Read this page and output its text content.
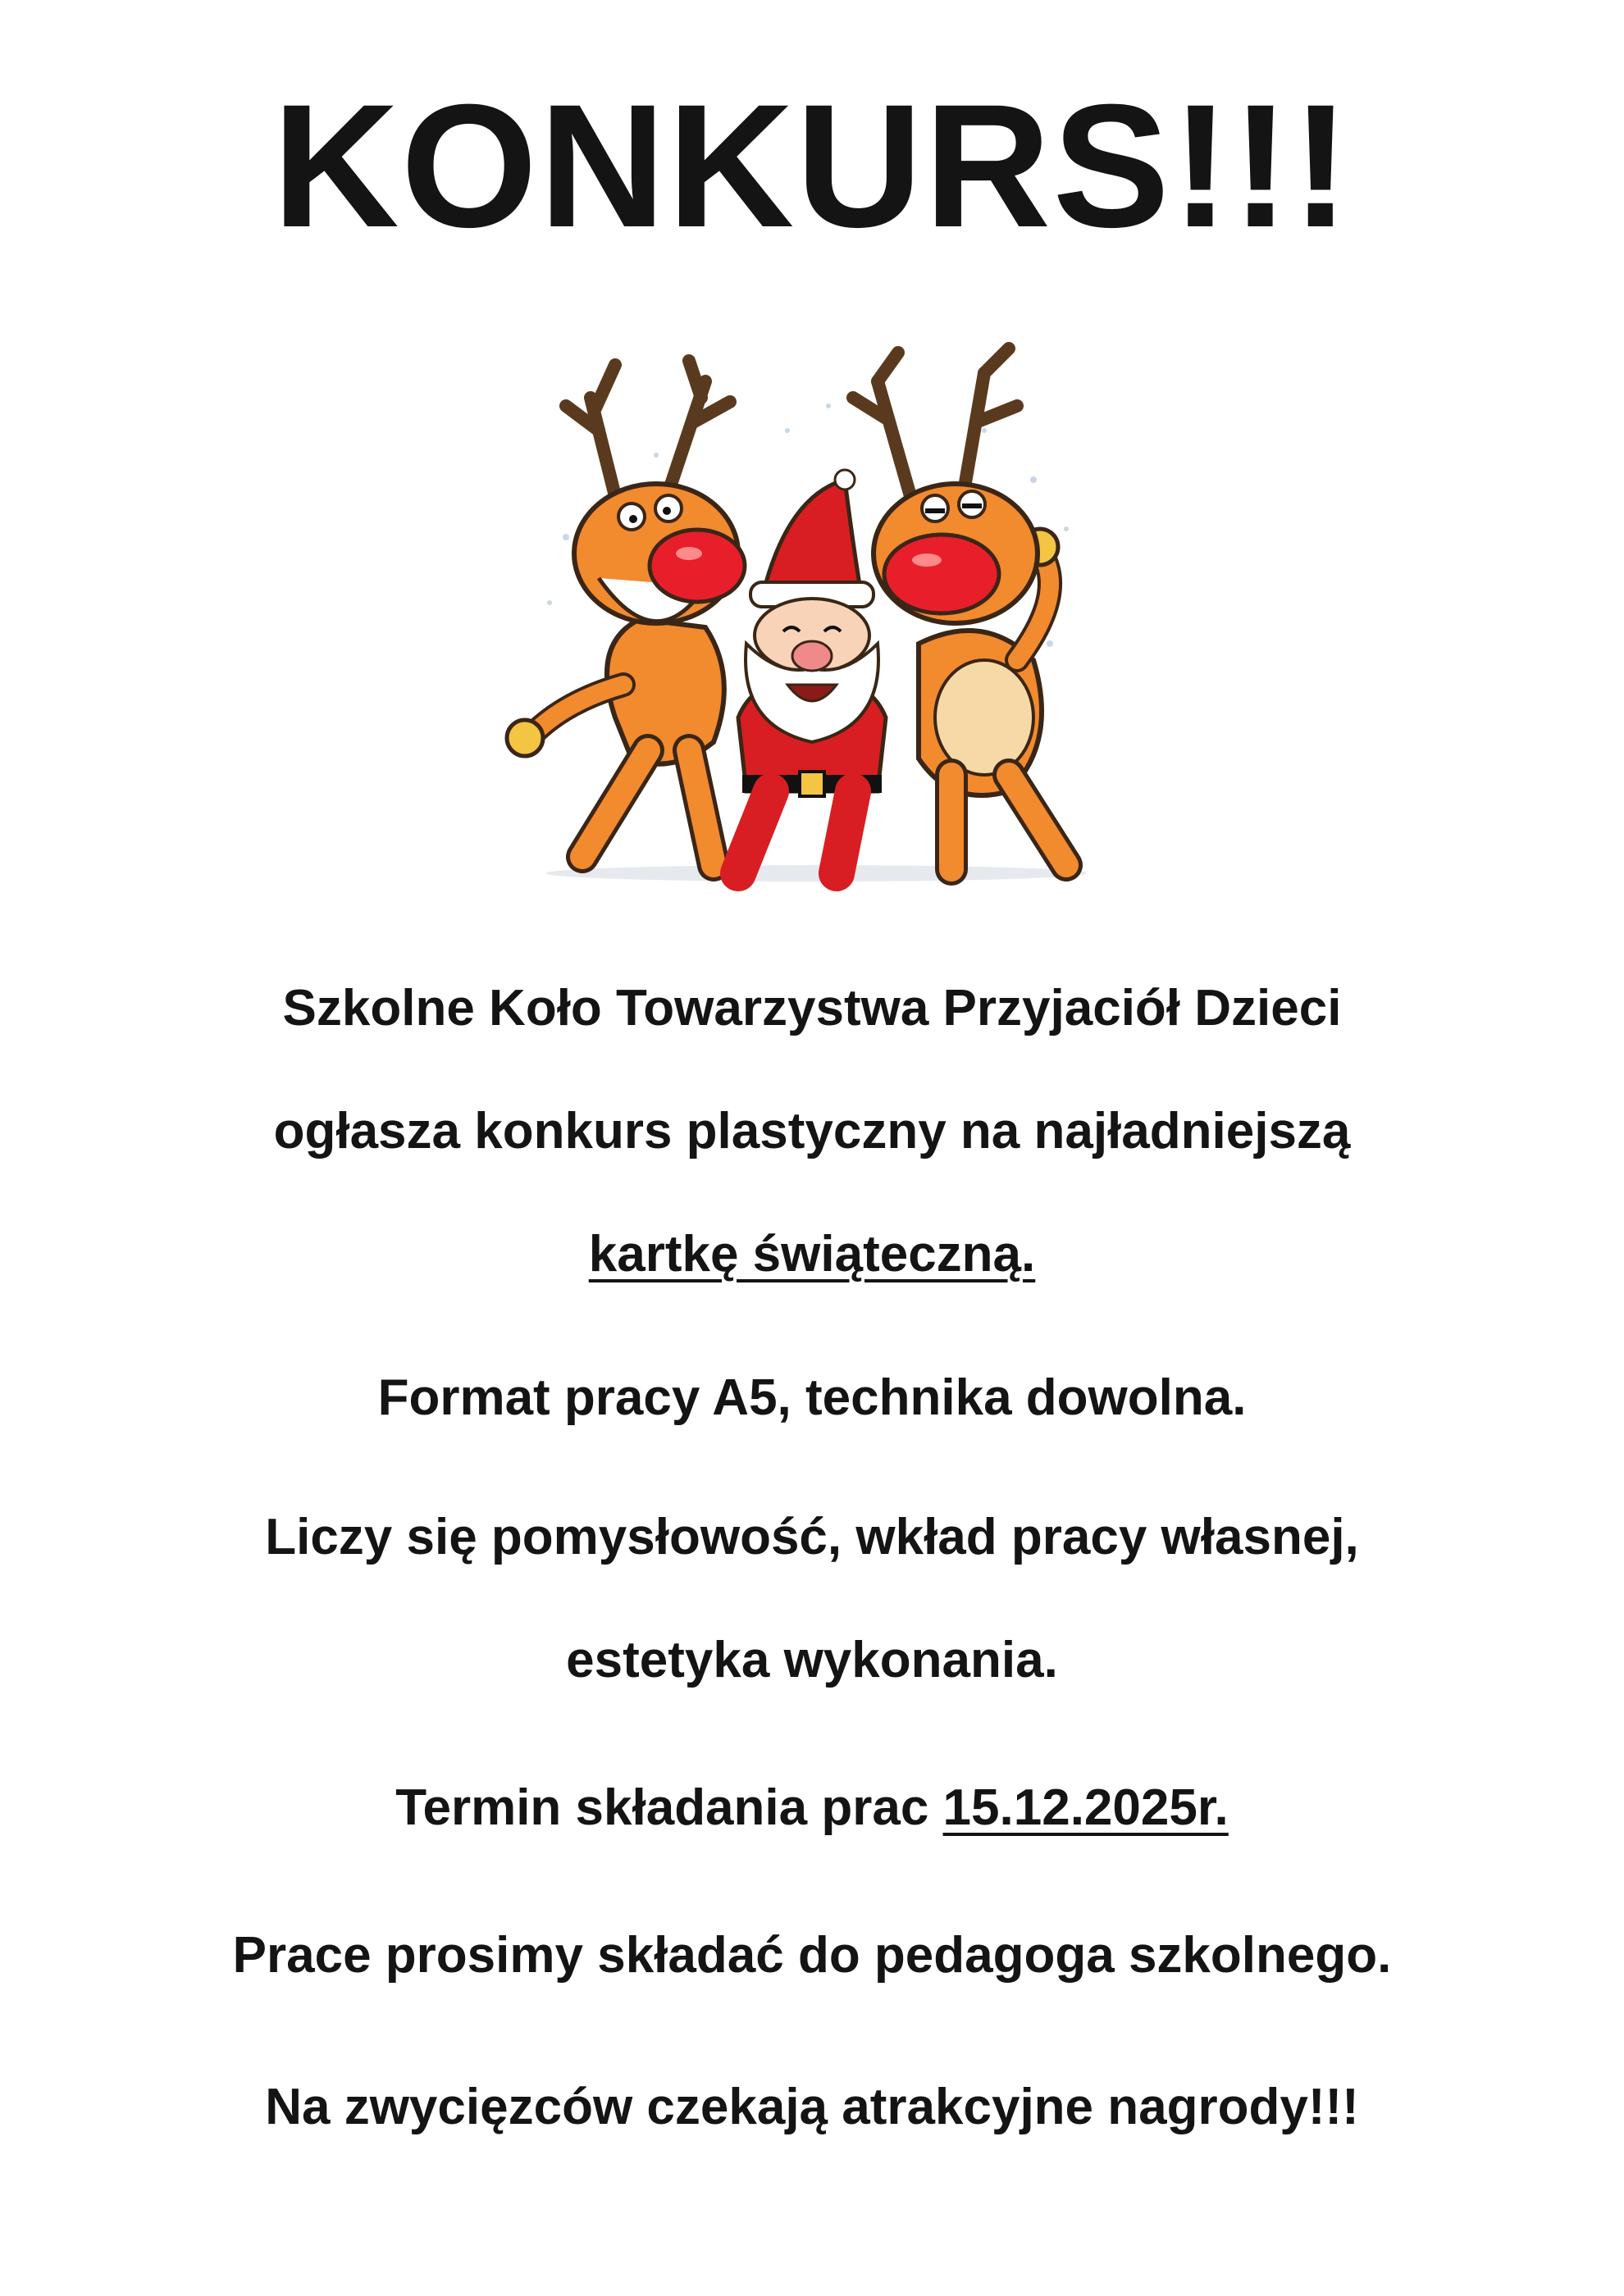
KONKURS!!!
Szkolne Koło Towarzystwa Przyjaciół Dzieci
ogłasza konkurs plastyczny na najładniejszą
kartkę świąteczną.
Format pracy A5, technika dowolna.
Liczy się pomysłowość, wkład pracy własnej,
estetyka wykonania.
Termin składania prac 15.12.2025r.
Prace prosimy składać do pedagoga szkolnego.
Na zwycięzców czekają atrakcyjne nagrody!!!
